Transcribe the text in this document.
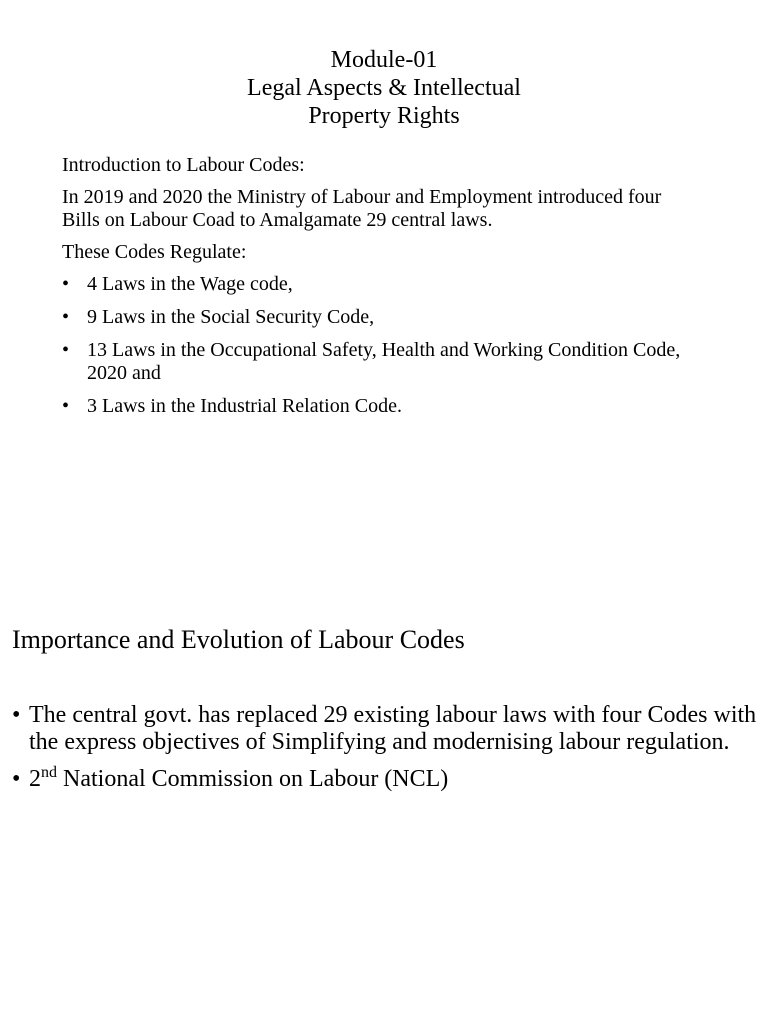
Module-01
Legal Aspects & Intellectual
Property Rights

Introduction to Labour Codes:

In 2019 and 2020 the Ministry of Labour and Employment introduced four Bills on Labour Coad to Amalgamate 29 central laws.

These Codes Regulate:

• 4 Laws in the Wage code,
• 9 Laws in the Social Security Code,
• 13 Laws in the Occupational Safety, Health and Working Condition Code, 2020 and
• 3 Laws in the Industrial Relation Code.
Importance and Evolution of Labour Codes
• The central govt. has replaced 29 existing labour laws with four Codes with the express objectives of Simplifying and modernising labour regulation.
• 2nd National Commission on Labour (NCL)
